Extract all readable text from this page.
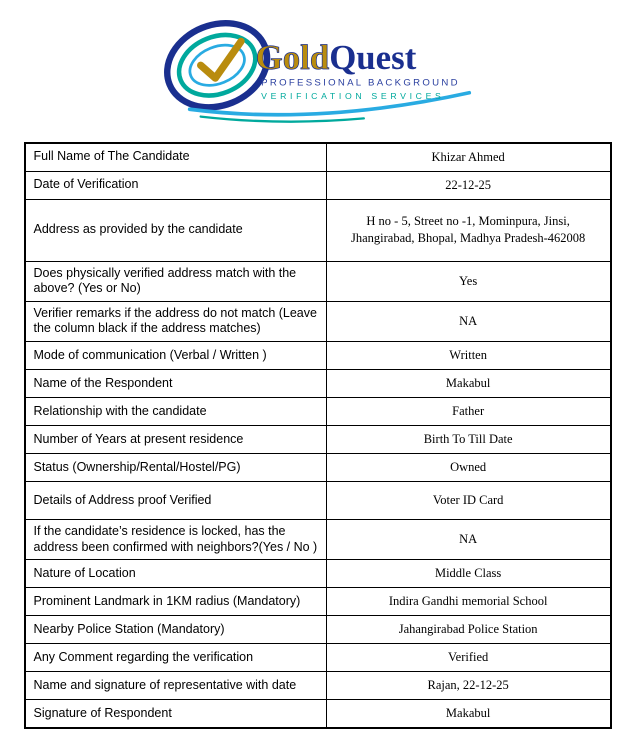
GoldQuest
PROFESSIONAL BACKGROUND
VERIFICATION SERVICES
Full Name of The Candidate	Khizar Ahmed
Date of Verification	22-12-25
Address as provided by the candidate	H no - 5, Street no -1, Mominpura, Jinsi, Jhangirabad, Bhopal, Madhya Pradesh-462008
Does physically verified address match with the above? (Yes or No)	Yes
Verifier remarks if the address do not match (Leave the column black if the address matches)	NA
Mode of communication (Verbal / Written )	Written
Name of the Respondent	Makabul
Relationship with the candidate	Father
Number of Years at present residence	Birth To Till Date
Status (Ownership/Rental/Hostel/PG)	Owned
Details of Address proof Verified	Voter ID Card
If the candidate’s residence is locked, has the address been confirmed with neighbors?(Yes / No )	NA
Nature of Location	Middle Class
Prominent Landmark in 1KM radius (Mandatory)	Indira Gandhi memorial School
Nearby Police Station (Mandatory)	Jahangirabad Police Station
Any Comment regarding the verification	Verified
Name and signature of representative with date	Rajan, 22-12-25
Signature of Respondent	Makabul
